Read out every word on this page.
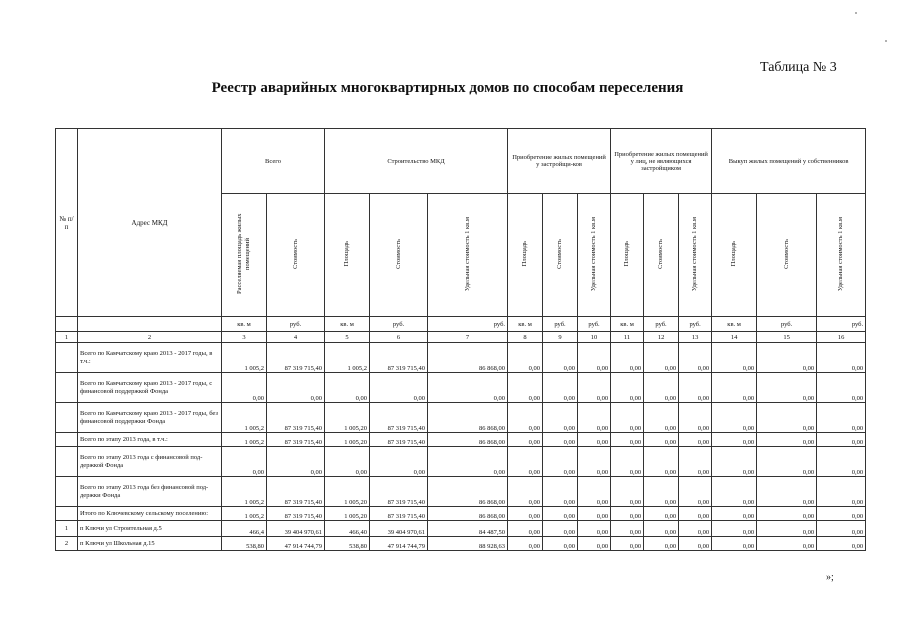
Таблица № 3
Реестр аварийных многоквартирных домов по способам переселения
№ п/п	Адрес МКД	Всего		Строительство МКД			Приобретение жилых помещений у застройщи-ков			Приобретение жилых помещений у лиц, не являющихся застройщиком			Выкуп жилых помещений у собственников		
		Расселяемая площадь жилых помещений	Стоимость	Площадь	Стоимость	Удельная стоимость 1 кв.м	Площадь	Стоимость	Удельная стоимость 1 кв.м	Площадь	Стоимость	Удельная стоимость 1 кв.м	Площадь	Стоимость	Удельная стоимость 1 кв.м
		кв. м	руб.	кв. м	руб.	руб.	кв. м	руб.	руб.	кв. м	руб.	руб.	кв. м	руб.	руб.
1	2	3	4	5	6	7	8	9	10	11	12	13	14	15	16
	Всего по Камчатскому краю 2013 - 2017 годы, в т.ч.:	1 005,2	87 319 715,40	1 005,2	87 319 715,40	86 868,00	0,00	0,00	0,00	0,00	0,00	0,00	0,00	0,00	0,00
	Всего по Камчатскому краю 2013 - 2017 годы, с финансовой поддержкой Фонда	0,00	0,00	0,00	0,00	0,00	0,00	0,00	0,00	0,00	0,00	0,00	0,00	0,00	0,00
	Всего по Камчатскому краю 2013 - 2017 годы, без финансовой поддержки Фонда	1 005,2	87 319 715,40	1 005,20	87 319 715,40	86 868,00	0,00	0,00	0,00	0,00	0,00	0,00	0,00	0,00	0,00
	Всего по этапу 2013 года, в т.ч.:	1 005,2	87 319 715,40	1 005,20	87 319 715,40	86 868,00	0,00	0,00	0,00	0,00	0,00	0,00	0,00	0,00	0,00
	Всего по этапу 2013 года с финансовой под-держкой Фонда	0,00	0,00	0,00	0,00	0,00	0,00	0,00	0,00	0,00	0,00	0,00	0,00	0,00	0,00
	Всего по этапу 2013 года без финансовой под-держки Фонда	1 005,2	87 319 715,40	1 005,20	87 319 715,40	86 868,00	0,00	0,00	0,00	0,00	0,00	0,00	0,00	0,00	0,00
	Итого по Ключевскому сельскому поселению:	1 005,2	87 319 715,40	1 005,20	87 319 715,40	86 868,00	0,00	0,00	0,00	0,00	0,00	0,00	0,00	0,00	0,00
1	п Ключи ул Строительная д.5	466,4	39 404 970,61	466,40	39 404 970,61	84 487,50	0,00	0,00	0,00	0,00	0,00	0,00	0,00	0,00	0,00
2	п Ключи ул Школьная д.15	538,80	47 914 744,79	538,80	47 914 744,79	88 928,63	0,00	0,00	0,00	0,00	0,00	0,00	0,00	0,00	0,00
»;
